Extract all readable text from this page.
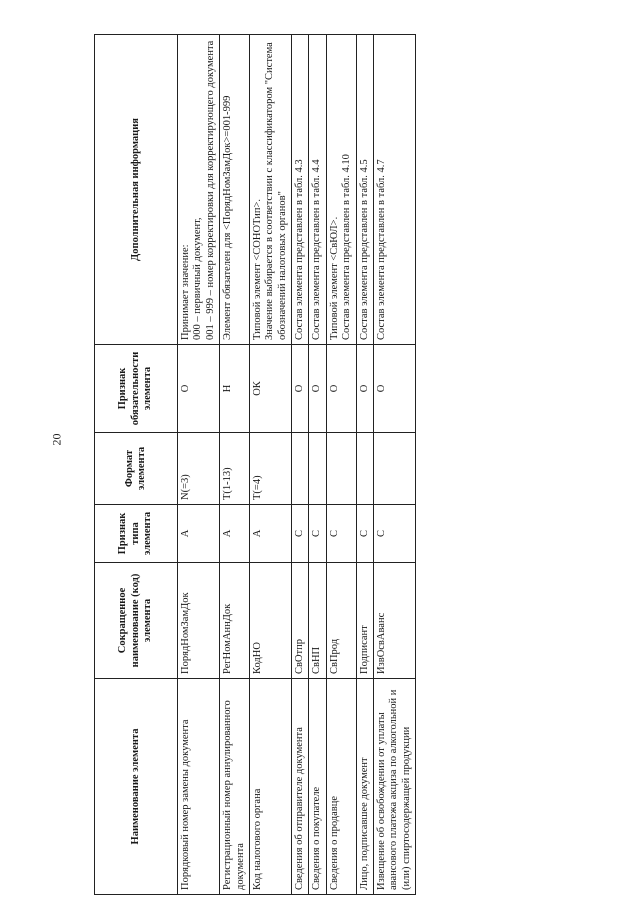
20
Наименование элемента	Сокращенное наименование (код) элемента	Признак типа элемента	Формат элемента	Признак обязательности элемента	Дополнительная информация
Порядковый номер замены документа	ПорядНомЗамДок	А	N(=3)	О	Принимает значение:
000 – первичный документ,
001 – 999 – номер корректировки для корректирующего документа
Регистрационный номер аннулированного документа	РегНомАннДок	А	T(1-13)	Н	Элемент обязателен для <ПорядНомЗамДок>=001-999
Код налогового органа	КодНО	А	T(=4)	ОК	Типовой элемент <СОНОТип>.
Значение выбирается в соответствии с классификатором "Система обозначений налоговых органов"
Сведения об отправителе документа	СвОтпр	С		О	Состав элемента представлен в табл. 4.3
Сведения о покупателе	СвНП	С		О	Состав элемента представлен в табл. 4.4
Сведения о продавце	СвПрод	С		О	Типовой элемент <СвЮЛ>.
Состав элемента представлен в табл. 4.10
Лицо, подписавшее документ	Подписант	С		О	Состав элемента представлен в табл. 4.5
Извещение об освобождении от уплаты авансового платежа акциза по алкогольной и (или) спиртосодержащей продукции	ИзвОсвАванс	С		О	Состав элемента представлен в табл. 4.7
